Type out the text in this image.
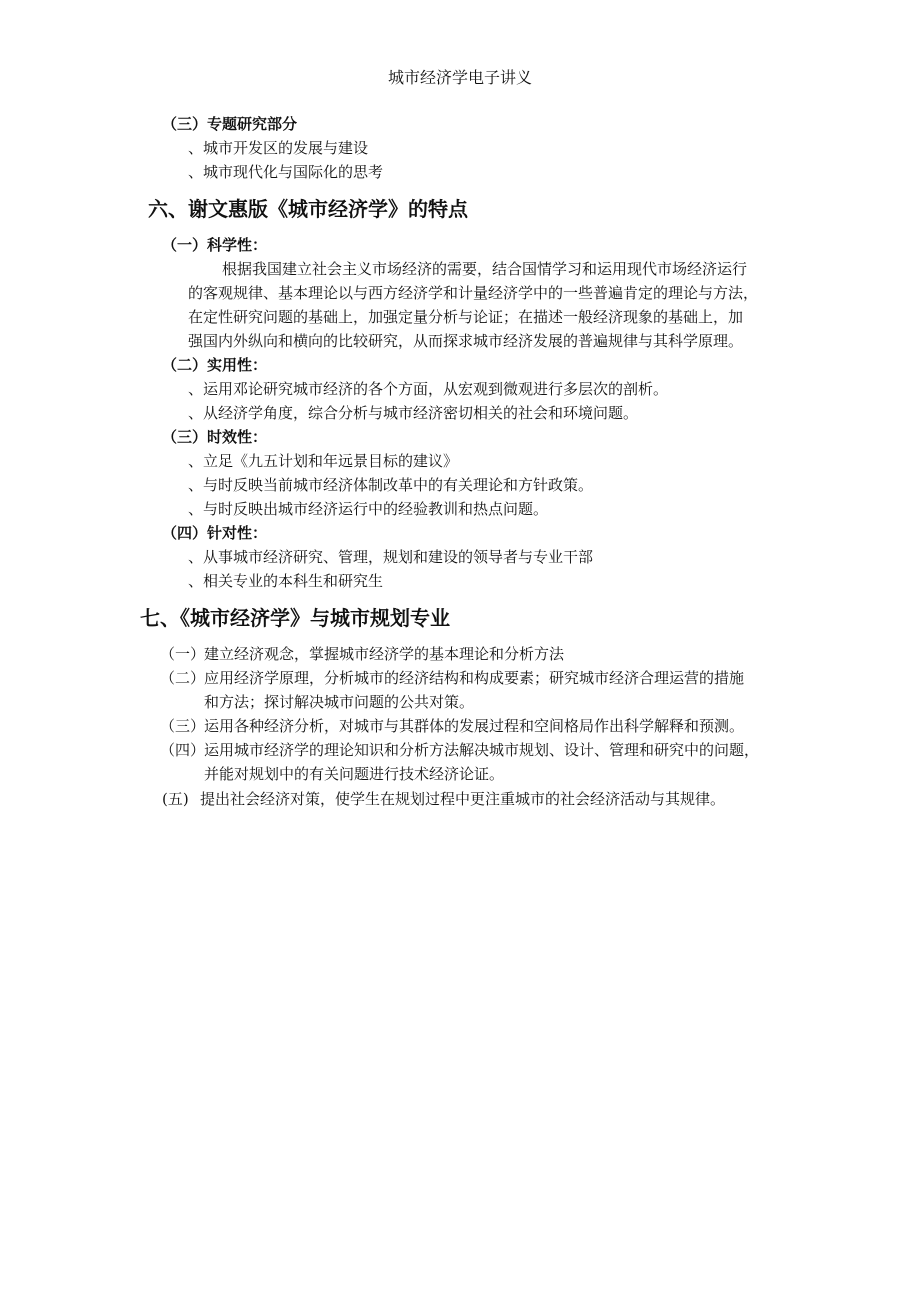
城市经济学电子讲义
（三）专题研究部分
、城市开发区的发展与建设
、城市现代化与国际化的思考
六、谢文惠版《城市经济学》的特点
（一）科学性：
根据我国建立社会主义市场经济的需要，结合国情学习和运用现代市场经济运行
的客观规律、基本理论以与西方经济学和计量经济学中的一些普遍肯定的理论与方法，
在定性研究问题的基础上，加强定量分析与论证；在描述一般经济现象的基础上，加
强国内外纵向和横向的比较研究，从而探求城市经济发展的普遍规律与其科学原理。
（二）实用性：
、运用邓论研究城市经济的各个方面，从宏观到微观进行多层次的剖析。
、从经济学角度，综合分析与城市经济密切相关的社会和环境问题。
（三）时效性：
、立足《九五计划和年远景目标的建议》
、与时反映当前城市经济体制改革中的有关理论和方针政策。
、与时反映出城市经济运行中的经验教训和热点问题。
（四）针对性：
、从事城市经济研究、管理，规划和建设的领导者与专业干部
、相关专业的本科生和研究生
七、《城市经济学》与城市规划专业
（一）
建立经济观念，掌握城市经济学的基本理论和分析方法
（二）
应用经济学原理，分析城市的经济结构和构成要素；研究城市经济合理运营的措施
和方法；探讨解决城市问题的公共对策。
（三）
运用各种经济分析，对城市与其群体的发展过程和空间格局作出科学解释和预测。
（四）
运用城市经济学的理论知识和分析方法解决城市规划、设计、管理和研究中的问题，
并能对规划中的有关问题进行技术经济论证。
(五) 提出社会经济对策，使学生在规划过程中更注重城市的社会经济活动与其规律。
